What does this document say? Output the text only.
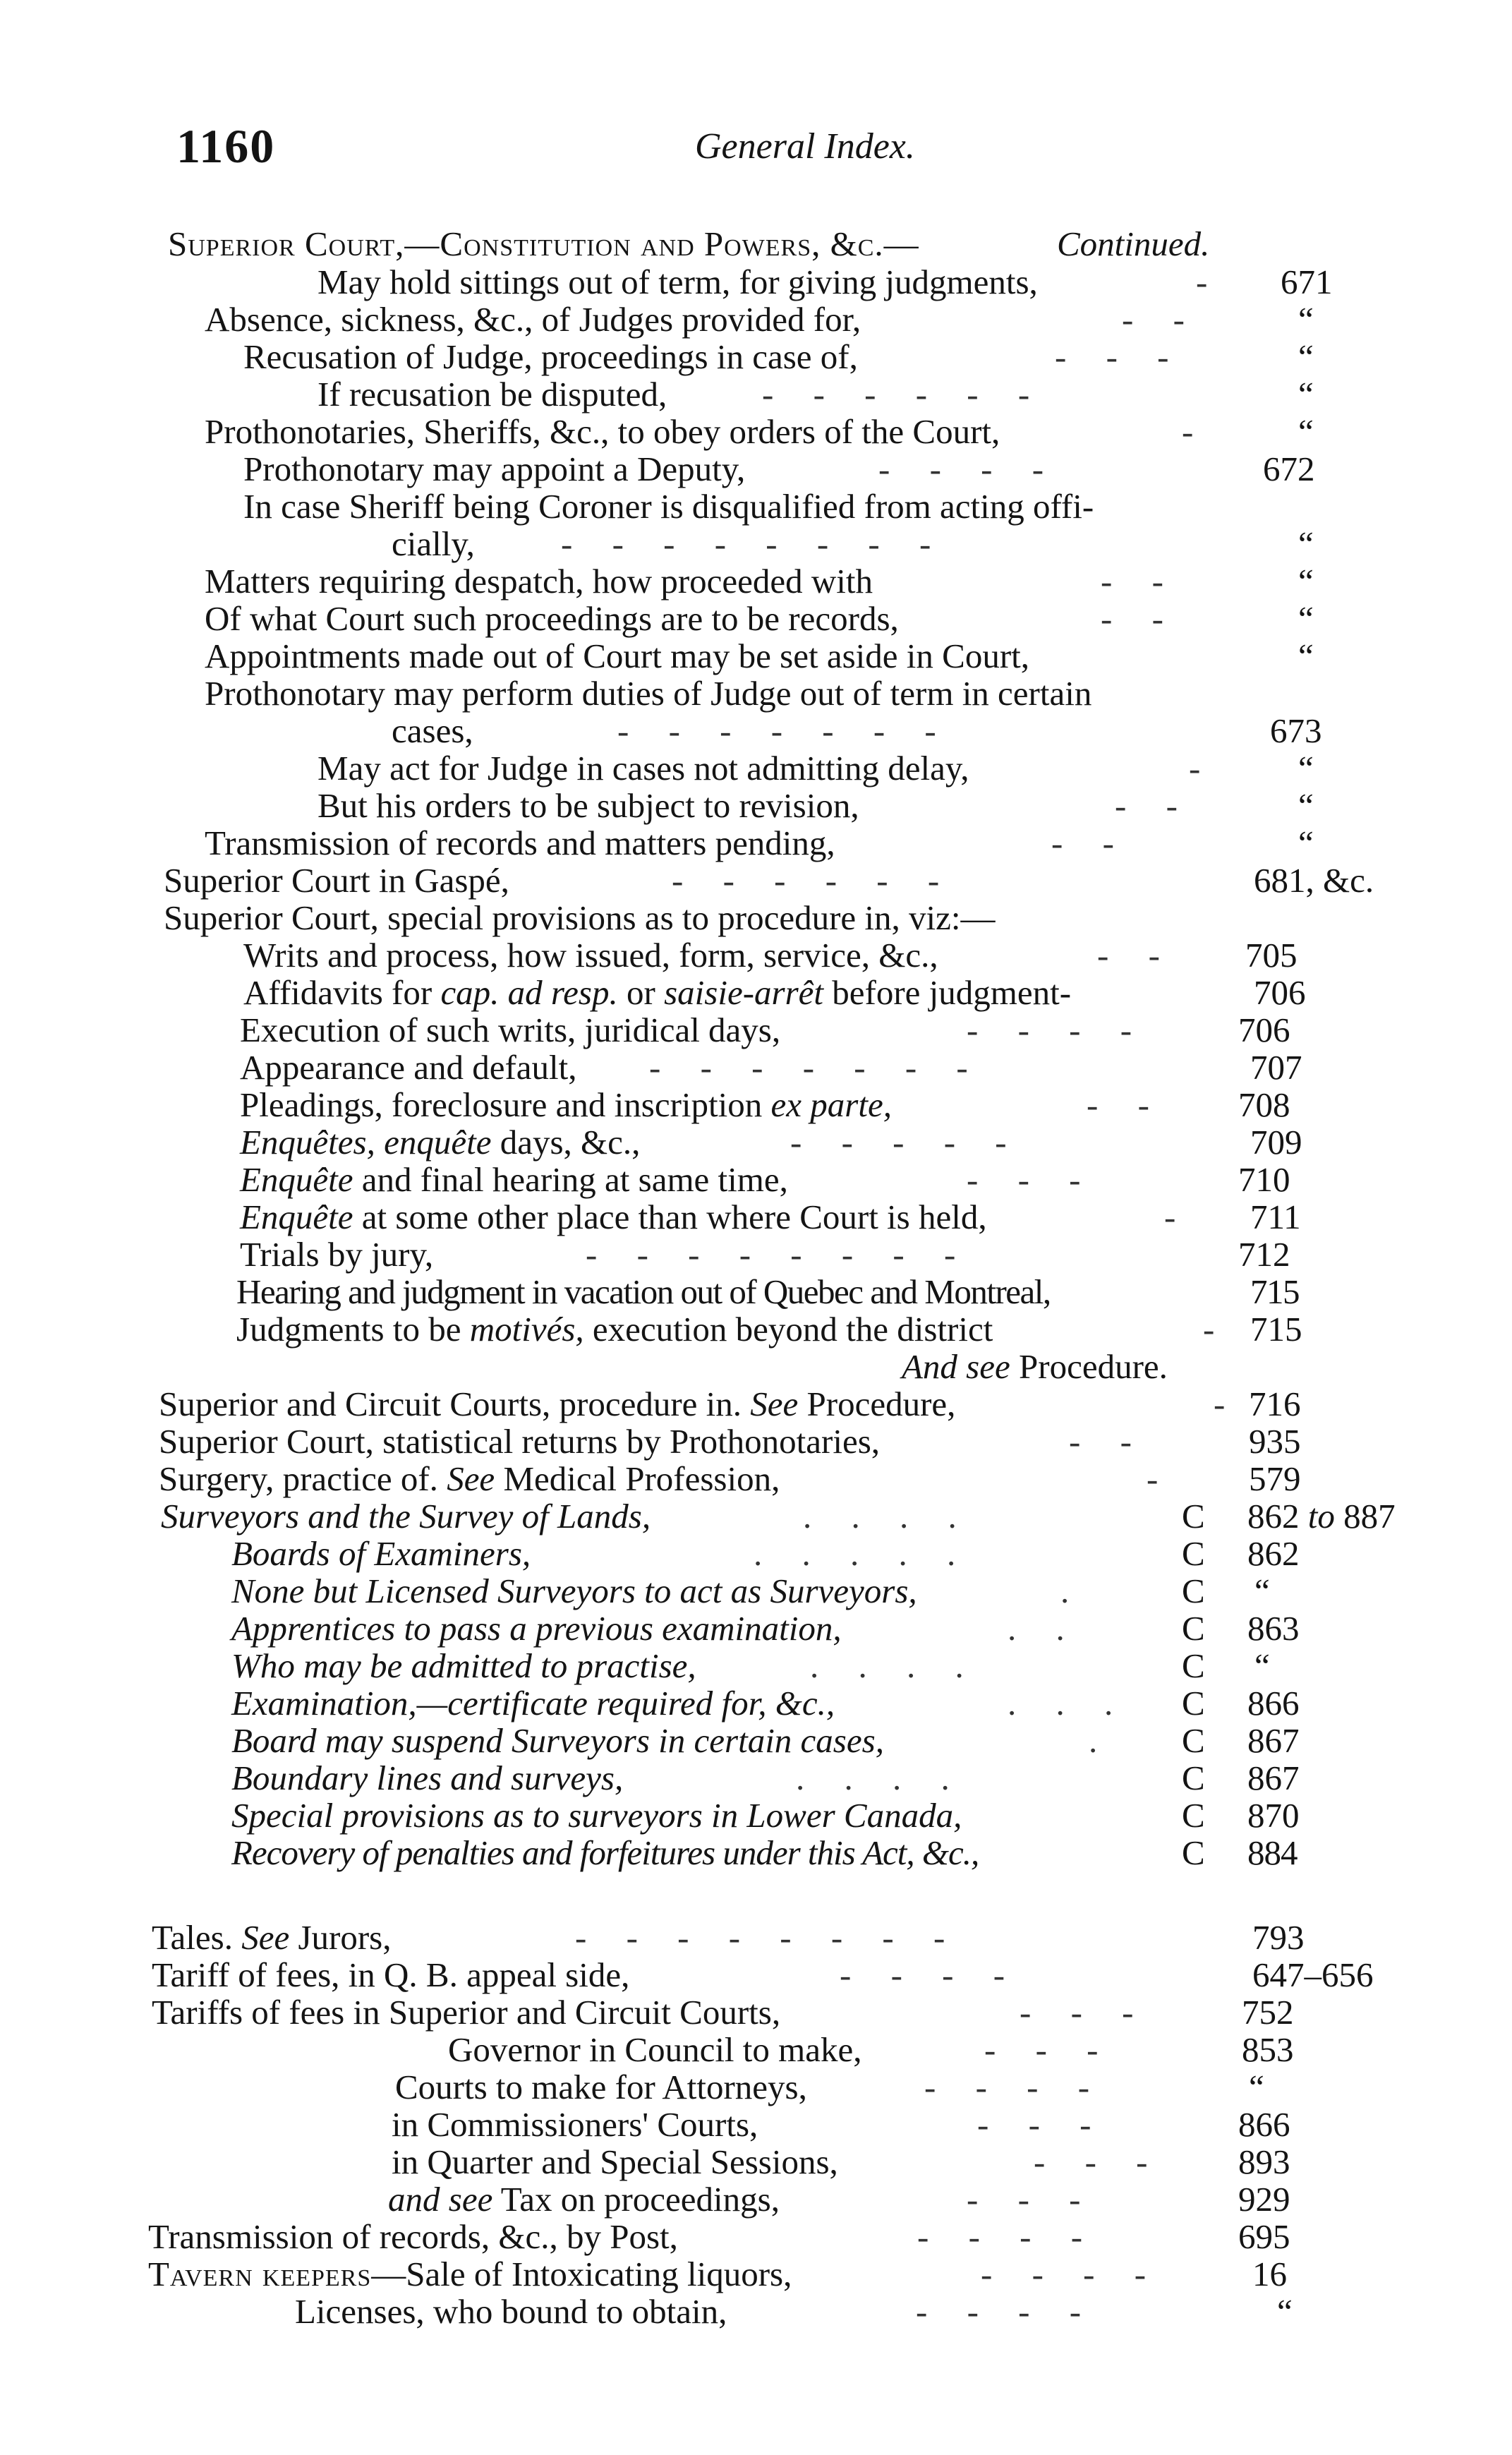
1160	General Index.
Superior Court,—Constitution and Powers, &c.—	Continued.
May hold sittings out of term, for giving judgments,	- 671
Absence, sickness, &c., of Judges provided for,	- -	“
Recusation of Judge, proceedings in case of,	- - -	“
If recusation be disputed,	- - - - - -	“
Prothonotaries, Sheriffs, &c., to obey orders of the Court,	-	“
Prothonotary may appoint a Deputy,	- - - -	672
In case Sheriff being Coroner is disqualified from acting offi-
cially, - - - - - - - -	“
Matters requiring despatch, how proceeded with	- -	“
Of what Court such proceedings are to be records,	- -	“
Appointments made out of Court may be set aside in Court,	“
Prothonotary may perform duties of Judge out of term in certain
cases,	- - - - - - -	673
May act for Judge in cases not admitting delay,	- “
But his orders to be subject to revision,	- -	“
Transmission of records and matters pending,	- -	“
Superior Court in Gaspé,	- - - - - -	681, &c.
Superior Court, special provisions as to procedure in, viz:—
Writs and process, how issued, form, service, &c.,	- - 705
Affidavits for cap. ad resp. or saisie-arrêt before judgment-	706
Execution of such writs, juridical days,	- - - -	706
Appearance and default, - - - - - - -	707
Pleadings, foreclosure and inscription ex parte,	- - 708
Enquêtes, enquête days, &c.,	- - - - -	709
Enquête and final hearing at same time,	- - -	710
Enquête at some other place than where Court is held,	- 711
Trials by jury,	- - - - - - - -	712
Hearing and judgment in vacation out of Quebec and Montreal,	715
Judgments to be motivés, execution beyond the district	- 715
And see Procedure.
Superior and Circuit Courts, procedure in. See Procedure,	- 716
Superior Court, statistical returns by Prothonotaries,	- -	935
Surgery, practice of. See Medical Profession,	- 579
Surveyors and the Survey of Lands,	. . . .	C 862 to 887
Boards of Examiners,	. . . . .	C 862
None but Licensed Surveyors to act as Surveyors,	.	C “
Apprentices to pass a previous examination,	. .	C 863
Who may be admitted to practise,	. . . .	C “
Examination,—certificate required for, &c.,	. . . C 866
Board may suspend Surveyors in certain cases,	. C 867
Boundary lines and surveys,	. . . .	C 867
Special provisions as to surveyors in Lower Canada,	C 870
Recovery of penalties and forfeitures under this Act, &c.,	C 884
Tales. See Jurors,	- - - - - - - -	793
Tariff of fees, in Q. B. appeal side,	- - - -	647–656
Tariffs of fees in Superior and Circuit Courts,	- - -	752
Governor in Council to make,	- - -	853
Courts to make for Attorneys,	- - - -	“
in Commissioners' Courts,	- - -	866
in Quarter and Special Sessions,	- - - 893
and see Tax on proceedings,	- - -	929
Transmission of records, &c., by Post,	- - - -	695
Tavern keepers—Sale of Intoxicating liquors,	- - - -	16
Licenses, who bound to obtain,	- - - -	“
